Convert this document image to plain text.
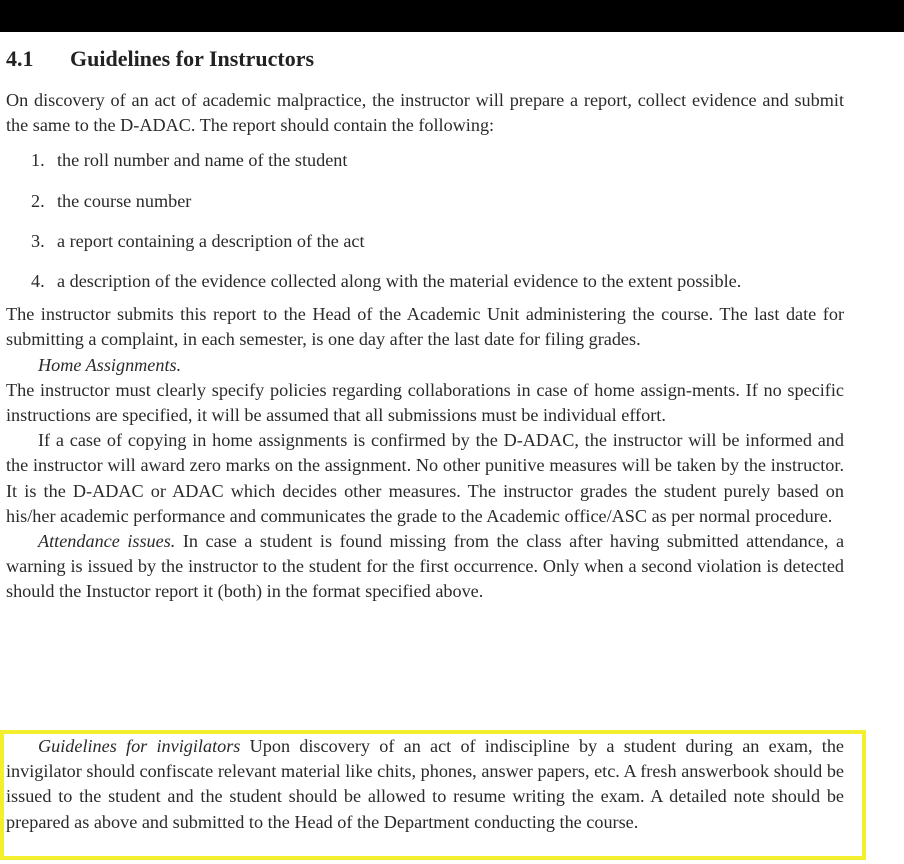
4.1 Guidelines for Instructors

On discovery of an act of academic malpractice, the instructor will prepare a report, collect evidence and submit the same to the D-ADAC. The report should contain the following:

1. the roll number and name of the student
2. the course number
3. a report containing a description of the act
4. a description of the evidence collected along with the material evidence to the extent possible.

The instructor submits this report to the Head of the Academic Unit administering the course. The last date for submitting a complaint, in each semester, is one day after the last date for filing grades.

Home Assignments.

The instructor must clearly specify policies regarding collaborations in case of home assign-ments. If no specific instructions are specified, it will be assumed that all submissions must be individual effort.

If a case of copying in home assignments is confirmed by the D-ADAC, the instructor will be informed and the instructor will award zero marks on the assignment. No other punitive measures will be taken by the instructor. It is the D-ADAC or ADAC which decides other measures. The instructor grades the student purely based on his/her academic performance and communicates the grade to the Academic office/ASC as per normal procedure.

Attendance issues. In case a student is found missing from the class after having submitted attendance, a warning is issued by the instructor to the student for the first occurrence. Only when a second violation is detected should the Instuctor report it (both) in the format specified above.

Guidelines for invigilators Upon discovery of an act of indiscipline by a student during an exam, the invigilator should confiscate relevant material like chits, phones, answer papers, etc. A fresh answerbook should be issued to the student and the student should be allowed to resume writing the exam. A detailed note should be prepared as above and submitted to the Head of the Department conducting the course.
